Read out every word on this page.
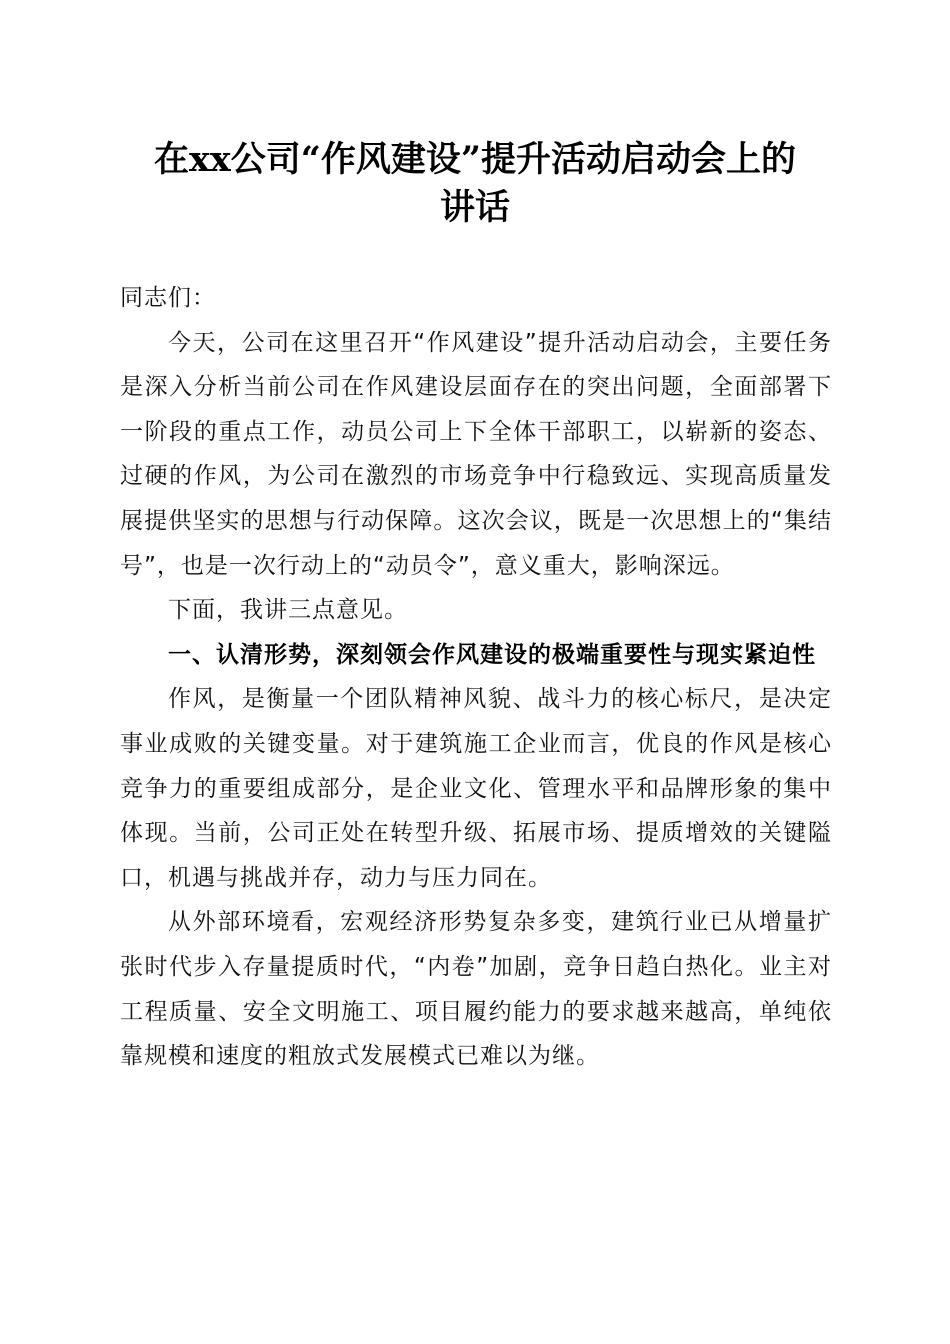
在xx公司“作风建设”提升活动启动会上的
讲话

同志们：

今天，公司在这里召开“作风建设”提升活动启动会，主要任务是深入分析当前公司在作风建设层面存在的突出问题，全面部署下一阶段的重点工作，动员公司上下全体干部职工，以崭新的姿态、过硬的作风，为公司在激烈的市场竞争中行稳致远、实现高质量发展提供坚实的思想与行动保障。这次会议，既是一次思想上的“集结号”，也是一次行动上的“动员令”，意义重大，影响深远。

下面，我讲三点意见。

一、认清形势，深刻领会作风建设的极端重要性与现实紧迫性

作风，是衡量一个团队精神风貌、战斗力的核心标尺，是决定事业成败的关键变量。对于建筑施工企业而言，优良的作风是核心竞争力的重要组成部分，是企业文化、管理水平和品牌形象的集中体现。当前，公司正处在转型升级、拓展市场、提质增效的关键隘口，机遇与挑战并存，动力与压力同在。

从外部环境看，宏观经济形势复杂多变，建筑行业已从增量扩张时代步入存量提质时代，“内卷”加剧，竞争日趋白热化。业主对工程质量、安全文明施工、项目履约能力的要求越来越高，单纯依靠规模和速度的粗放式发展模式已难以为继。
